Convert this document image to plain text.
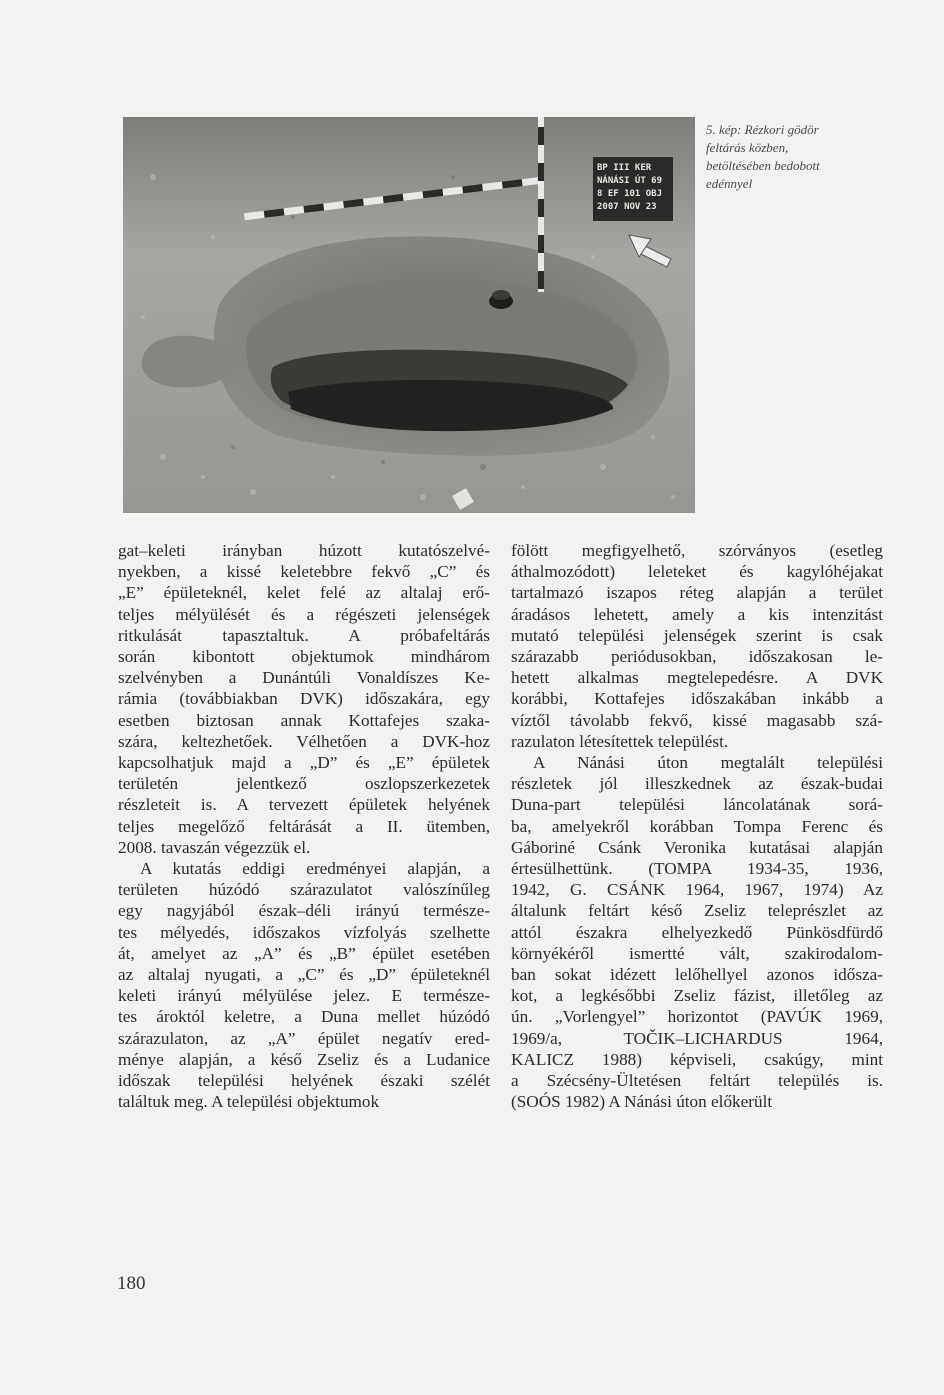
BP III KER
NÁNÁSI ÚT 69
8 EF 101 OBJ
2007 NOV 23
5. kép: Rézkori gödör
feltárás közben,
betöltésében bedobott
edénnyel
gat–keleti irányban húzott kutatószelvé-
nyekben, a kissé keletebbre fekvő „C” és
„E” épületeknél, kelet felé az altalaj erő-
teljes mélyülését és a régészeti jelenségek
ritkulását tapasztaltuk. A próbafeltárás
során kibontott objektumok mindhárom
szelvényben a Dunántúli Vonaldíszes Ke-
rámia (továbbiakban DVK) időszakára, egy
esetben biztosan annak Kottafejes szaka-
szára, keltezhetőek. Vélhetően a DVK-hoz
kapcsolhatjuk majd a „D” és „E” épületek
területén jelentkező oszlopszerkezetek
részleteit is. A tervezett épületek helyének
teljes megelőző feltárását a II. ütemben,
2008. tavaszán végezzük el.
A kutatás eddigi eredményei alapján, a
területen húzódó szárazulatot valószínűleg
egy nagyjából észak–déli irányú természe-
tes mélyedés, időszakos vízfolyás szelhette
át, amelyet az „A” és „B” épület esetében
az altalaj nyugati, a „C” és „D” épületeknél
keleti irányú mélyülése jelez. E természe-
tes ároktól keletre, a Duna mellet húzódó
szárazulaton, az „A” épület negatív ered-
ménye alapján, a késő Zseliz és a Ludanice
időszak települési helyének északi szélét
találtuk meg. A települési objektumok
fölött megfigyelhető, szórványos (esetleg
áthalmozódott) leleteket és kagylóhéjakat
tartalmazó iszapos réteg alapján a terület
áradásos lehetett, amely a kis intenzitást
mutató települési jelenségek szerint is csak
szárazabb periódusokban, időszakosan le-
hetett alkalmas megtelepedésre. A DVK
korábbi, Kottafejes időszakában inkább a
víztől távolabb fekvő, kissé magasabb szá-
razulaton létesítettek települést.
A Nánási úton megtalált települési
részletek jól illeszkednek az észak-budai
Duna-part települési láncolatának sorá-
ba, amelyekről korábban Tompa Ferenc és
Gáboriné Csánk Veronika kutatásai alapján
értesülhettünk. (TOMPA 1934-35, 1936,
1942, G. CSÁNK 1964, 1967, 1974) Az
általunk feltárt késő Zseliz teleprészlet az
attól északra elhelyezkedő Pünkösdfürdő
környékéről ismertté vált, szakirodalom-
ban sokat idézett lelőhellyel azonos idősza-
kot, a legkésőbbi Zseliz fázist, illetőleg az
ún. „Vorlengyel” horizontot (PAVÚK 1969,
1969/a, TOČIK–LICHARDUS 1964,
KALICZ 1988) képviseli, csakúgy, mint
a Szécsény-Ültetésen feltárt település is.
(SOÓS 1982) A Nánási úton előkerült
180
